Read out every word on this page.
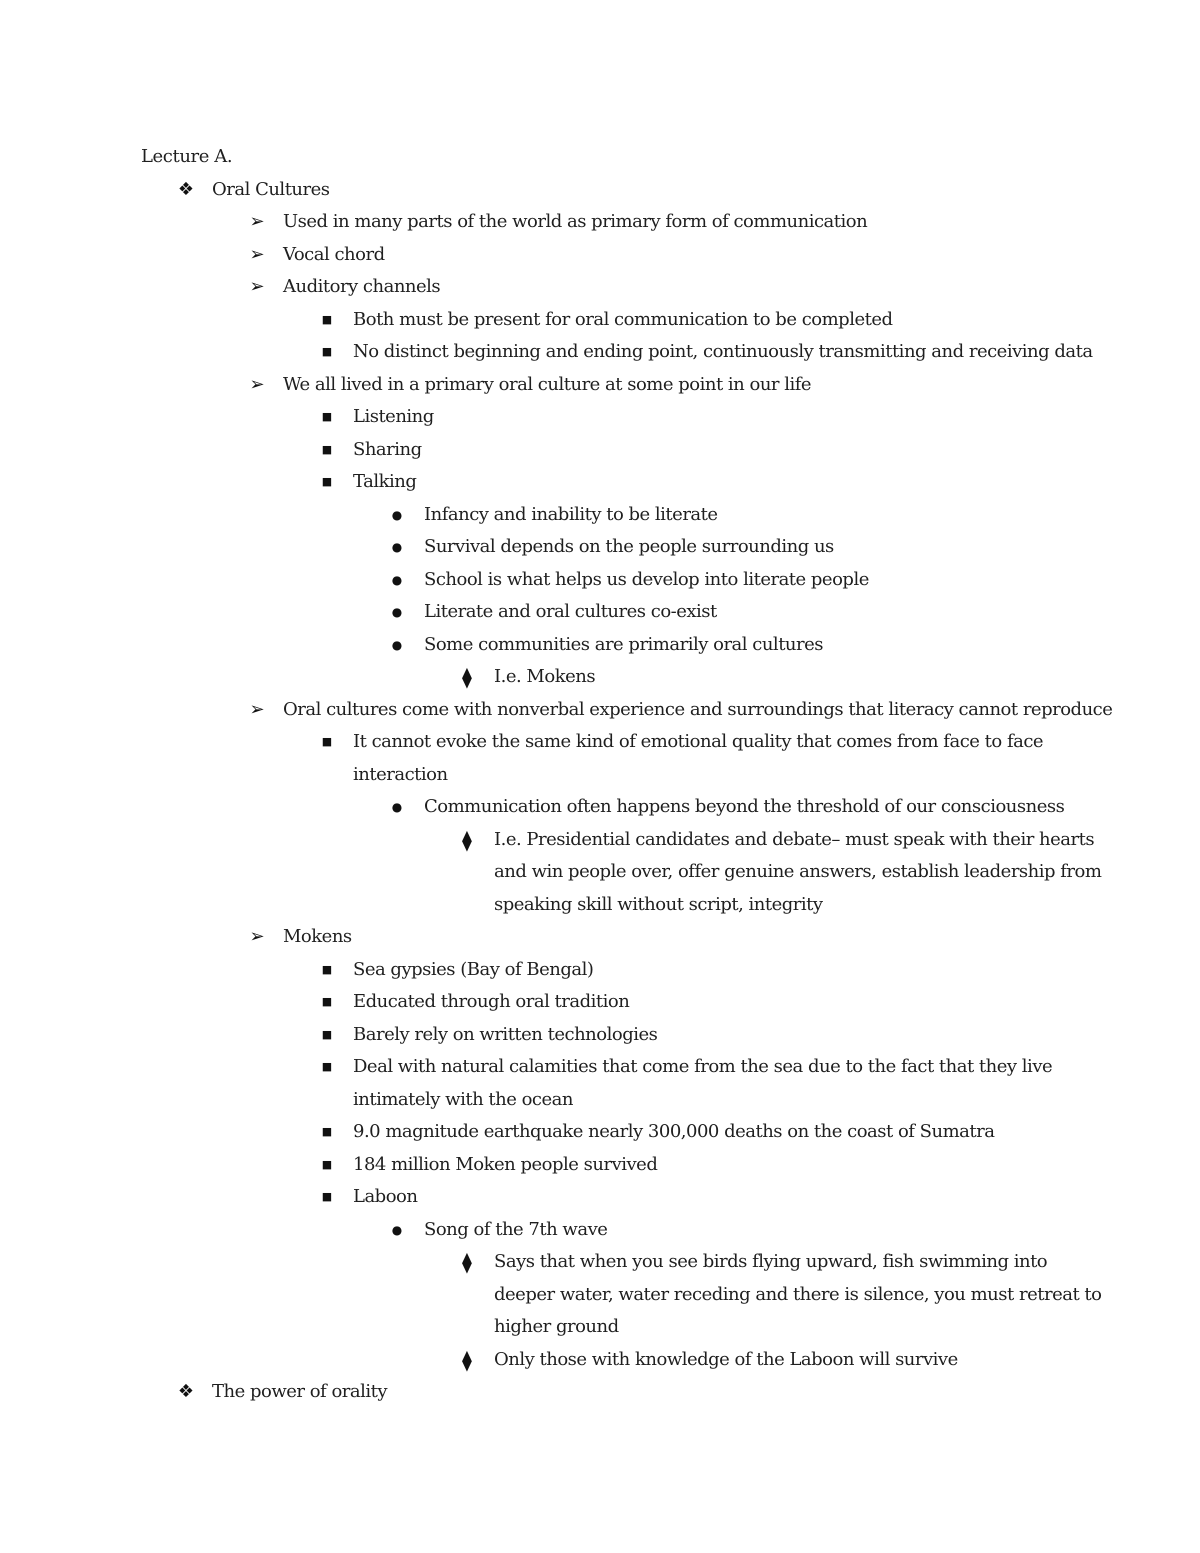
Lecture A.
❖ Oral Cultures
➢ Used in many parts of the world as primary form of communication
➢ Vocal chord
➢ Auditory channels
■	Both must be present for oral communication to be completed
■	No distinct beginning and ending point, continuously transmitting and receiving data
➢ We all lived in a primary oral culture at some point in our life
■	Listening
■	Sharing
■	Talking
●	Infancy and inability to be literate
●	Survival depends on the people surrounding us
●	School is what helps us develop into literate people
●	Literate and oral cultures co-exist
●	Some communities are primarily oral cultures
⧫	I.e. Mokens
➢ Oral cultures come with nonverbal experience and surroundings that literacy cannot reproduce
■	It cannot evoke the same kind of emotional quality that comes from face to face
interaction
●	Communication often happens beyond the threshold of our consciousness
⧫	I.e. Presidential candidates and debate– must speak with their hearts
and win people over, offer genuine answers, establish leadership from
speaking skill without script, integrity
➢ Mokens
■	Sea gypsies (Bay of Bengal)
■	Educated through oral tradition
■	Barely rely on written technologies
■	Deal with natural calamities that come from the sea due to the fact that they live
intimately with the ocean
■	9.0 magnitude earthquake nearly 300,000 deaths on the coast of Sumatra
■	184 million Moken people survived
■	Laboon
●	Song of the 7th wave
⧫	Says that when you see birds flying upward, fish swimming into
deeper water, water receding and there is silence, you must retreat to
higher ground
⧫	Only those with knowledge of the Laboon will survive
❖ The power of orality
